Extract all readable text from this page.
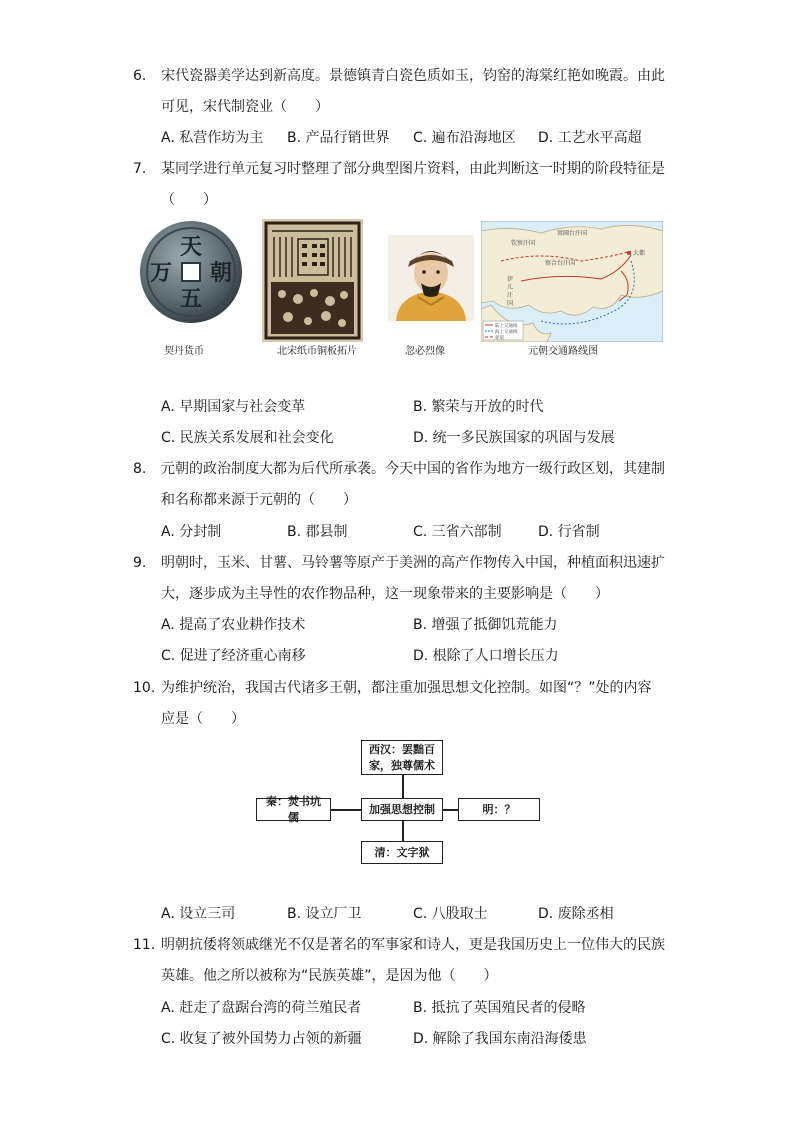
6. 宋代瓷器美学达到新高度。景德镇青白瓷色质如玉，钧窑的海棠红艳如晚霞。由此
可见，宋代制瓷业（　　）
A. 私营作坊为主 B. 产品行销世界 C. 遍布沿海地区 D. 工艺水平高超
7. 某同学进行单元复习时整理了部分典型图片资料，由此判断这一时期的阶段特征是
（　　）
天
五
万 朝
契丹货币	北宋纸币铜板拓片	忽必烈像
窝阔台汗国
钦察汗国
大都
察合台汗国
伊
儿
汗
国
陆上交通线
海上交通线
驿道
元朝交通路线图
A. 早期国家与社会变革	B. 繁荣与开放的时代
C. 民族关系发展和社会变化	D. 统一多民族国家的巩固与发展
8. 元朝的政治制度大都为后代所承袭。今天中国的省作为地方一级行政区划，其建制
和名称都来源于元朝的（　　）
A. 分封制	B. 郡县制	C. 三省六部制	D. 行省制
9. 明朝时，玉米、甘薯、马铃薯等原产于美洲的高产作物传入中国，种植面积迅速扩
大，逐步成为主导性的农作物品种，这一现象带来的主要影响是（　　）
A. 提高了农业耕作技术	B. 增强了抵御饥荒能力
C. 促进了经济重心南移	D. 根除了人口增长压力
10. 为维护统治，我国古代诸多王朝，都注重加强思想文化控制。如图“？”处的内容
应是（　　）
西汉：罢黜百
家，独尊儒术
秦：焚书坑儒
加强思想控制	明：？
清：文字狱
A. 设立三司	B. 设立厂卫	C. 八股取士	D. 废除丞相
11. 明朝抗倭将领戚继光不仅是著名的军事家和诗人，更是我国历史上一位伟大的民族
英雄。他之所以被称为“民族英雄”，是因为他（　　）
A. 赶走了盘踞台湾的荷兰殖民者	B. 抵抗了英国殖民者的侵略
C. 收复了被外国势力占领的新疆	D. 解除了我国东南沿海倭患
